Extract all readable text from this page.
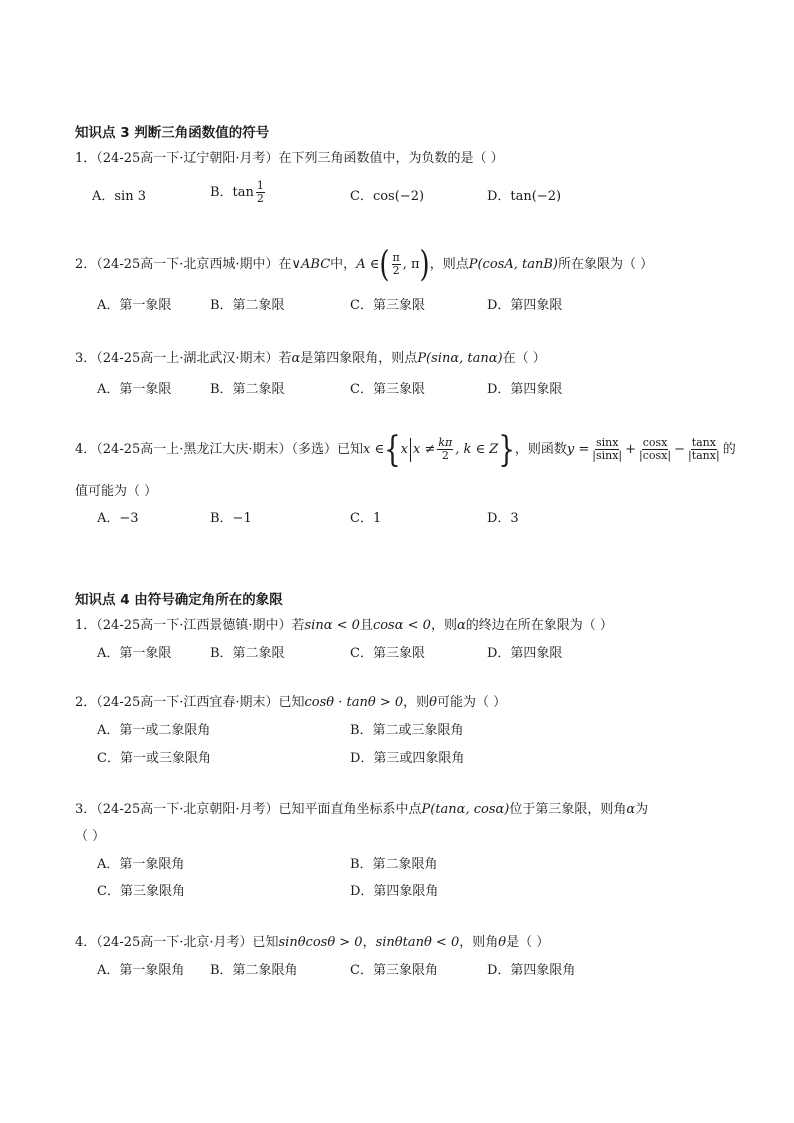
知识点 3 判断三角函数值的符号
1．（24-25高一下·辽宁朝阳·月考）在下列三角函数值中，为负数的是（ ）
A．sin 3	B．$\tan \frac{1}{2}$	C．cos(−2)	D．tan(−2)
2．（24-25高一下·北京西城·期中）在 ∨ABC 中， A ∈ ( $\frac{\pi}{2}$ , π ) ，则点 P(cosA, tanB) 所在象限为（ ）
A．第一象限	B．第二象限	C．第三象限	D．第四象限
3．（24-25高一上·湖北武汉·期末）若 α 是第四象限角，则点 P(sinα, tanα) 在（ ）
A．第一象限	B．第二象限	C．第三象限	D．第四象限
4．（24-25高一上·黑龙江大庆·期末）（多选）已知 x ∈ { x $x \ne \frac{k\pi}{2}$ , k ∈ Z } ，则函数 $y = \frac{\sin x}{|\sin x|} + \frac{\cos x}{|\cos x|} - \frac{\tan x}{|\tan x|}$ 的
值可能为（ ）
A．−3	B．−1	C．1	D．3
知识点 4 由符号确定角所在的象限
1．（24-25高一下·江西景德镇·期中）若 sinα < 0 且 cosα < 0 ，则 α 的终边在所在象限为（ ）
A．第一象限	B．第二象限	C．第三象限	D．第四象限
2．（24-25高一下·江西宜春·期末）已知 cosθ · tanθ > 0 ，则 θ 可能为（ ）
A．第一或二象限角	B．第二或三象限角
C．第一或三象限角	D．第三或四象限角
3．（24-25高一下·北京朝阳·月考）已知平面直角坐标系中点 P(tanα, cosα) 位于第三象限，则角 α 为
（ ）
A．第一象限角	B．第二象限角
C．第三象限角	D．第四象限角
4．（24-25高一下·北京·月考）已知 sinθcosθ > 0 ， sinθtanθ < 0 ，则角 θ 是（ ）
A．第一象限角 B．第二象限角	C．第三象限角	D．第四象限角
